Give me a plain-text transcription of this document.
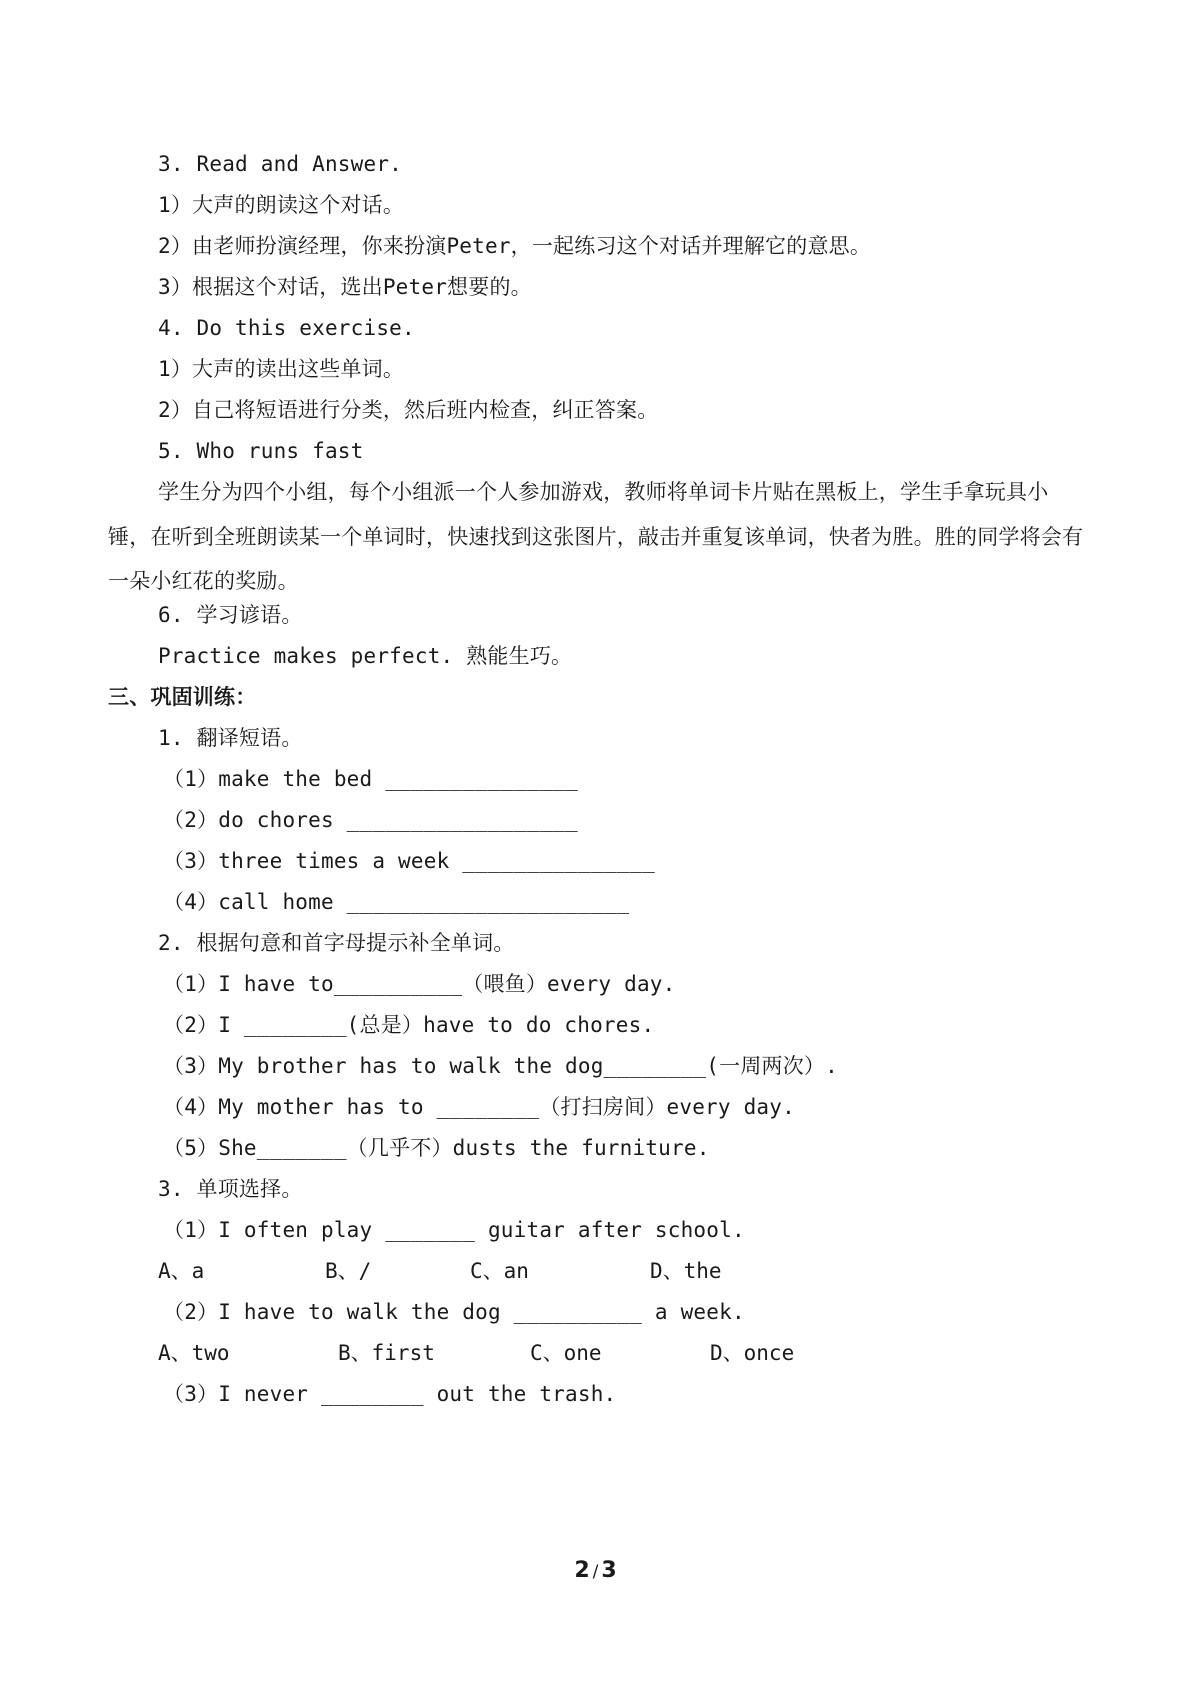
3. Read and Answer.
1）大声的朗读这个对话。
2）由老师扮演经理，你来扮演Peter，一起练习这个对话并理解它的意思。
3）根据这个对话，选出Peter想要的。
4. Do this exercise.
1）大声的读出这些单词。
2）自己将短语进行分类，然后班内检查，纠正答案。
5. Who runs fast
学生分为四个小组，每个小组派一个人参加游戏，教师将单词卡片贴在黑板上，学生手拿玩具小锤，在听到全班朗读某一个单词时，快速找到这张图片，敲击并重复该单词，快者为胜。胜的同学将会有一朵小红花的奖励。
6. 学习谚语。
Practice makes perfect. 熟能生巧。
三、巩固训练：
1. 翻译短语。
（1）make the bed _______________
（2）do chores __________________
（3）three times a week _______________
（4）call home ______________________
2. 根据句意和首字母提示补全单词。
（1）I have to__________（喂鱼）every day.
（2）I ________(总是）have to do chores.
（3）My brother has to walk the dog________(一周两次）.
（4）My mother has to ________（打扫房间）every day.
（5）She_______（几乎不）dusts the furniture.
3. 单项选择。
（1）I often play _______ guitar after school.
A、a	B、/	C、an	D、the
（2）I have to walk the dog __________ a week.
A、two	B、first	C、one	D、once
（3）I never ________ out the trash.
2 / 3
